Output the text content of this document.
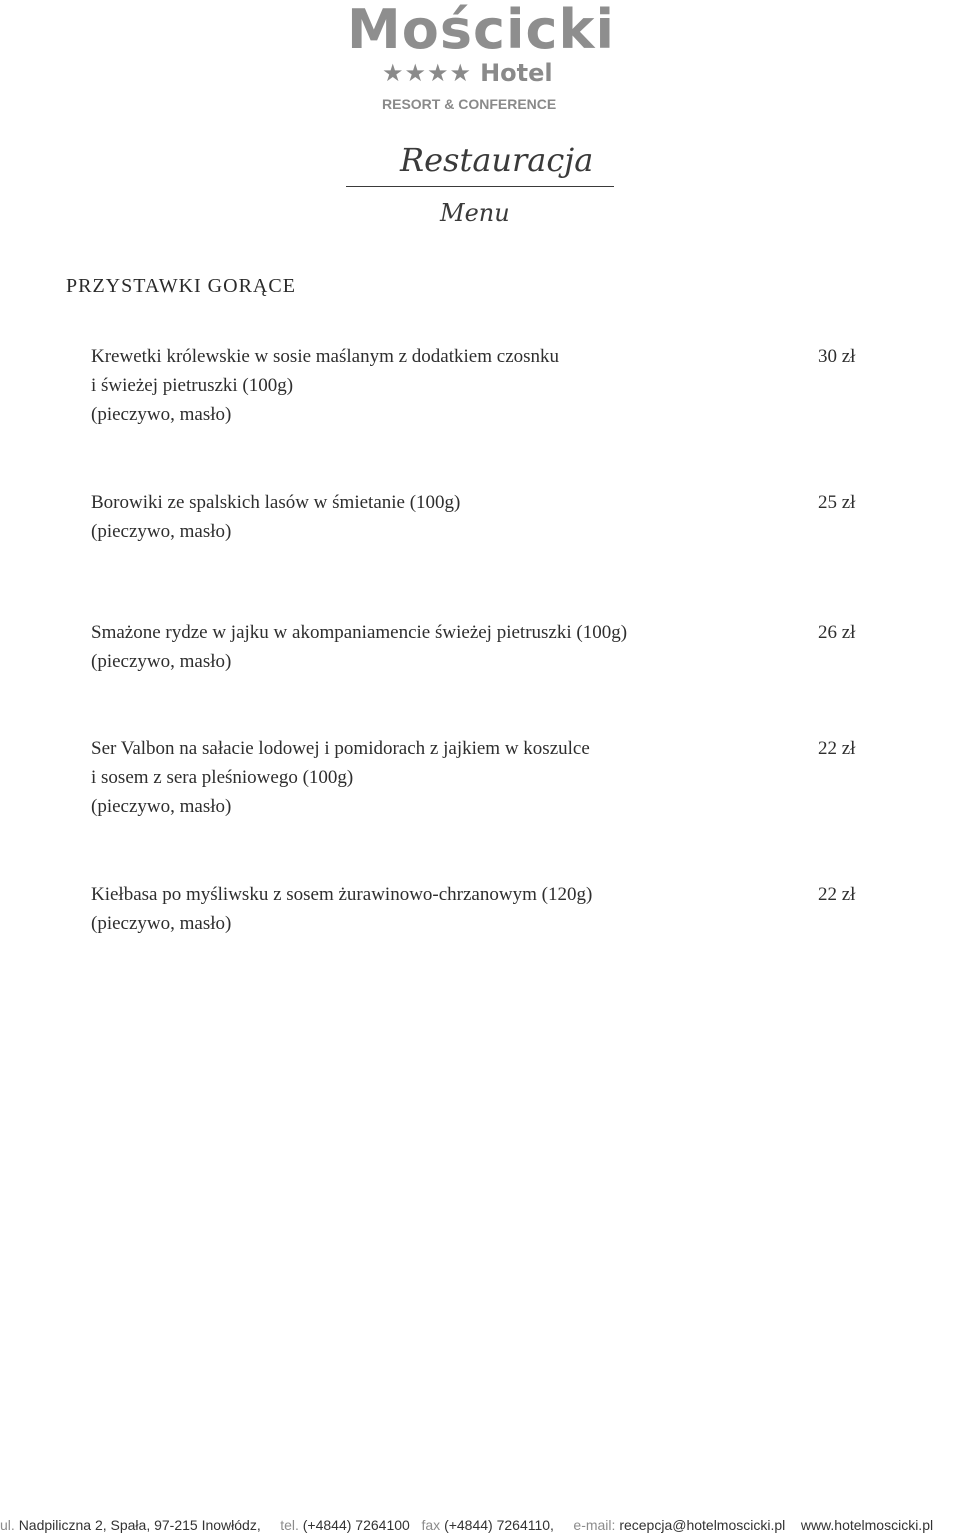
Mościcki
★★★★ Hotel
RESORT & CONFERENCE
Restauracja
Menu
PRZYSTAWKI GORĄCE
Krewetki królewskie w sosie maślanym z dodatkiem czosnku
i świeżej pietruszki (100g)
(pieczywo, masło)
30 zł
Borowiki ze spalskich lasów w śmietanie (100g)
(pieczywo, masło)
25 zł
Smażone rydze w jajku w akompaniamencie świeżej pietruszki (100g)
(pieczywo, masło)
26 zł
Ser Valbon na sałacie lodowej i pomidorach z jajkiem w koszulce
i sosem z sera pleśniowego (100g)
(pieczywo, masło)
22 zł
Kiełbasa po myśliwsku z sosem żurawinowo-chrzanowym (120g)
(pieczywo, masło)
22 zł
ul. Nadpiliczna 2, Spała, 97-215 Inowłódz, tel. (+4844) 7264100 fax (+4844) 7264110, e-mail: recepcja@hotelmoscicki.pl www.hotelmoscicki.pl
